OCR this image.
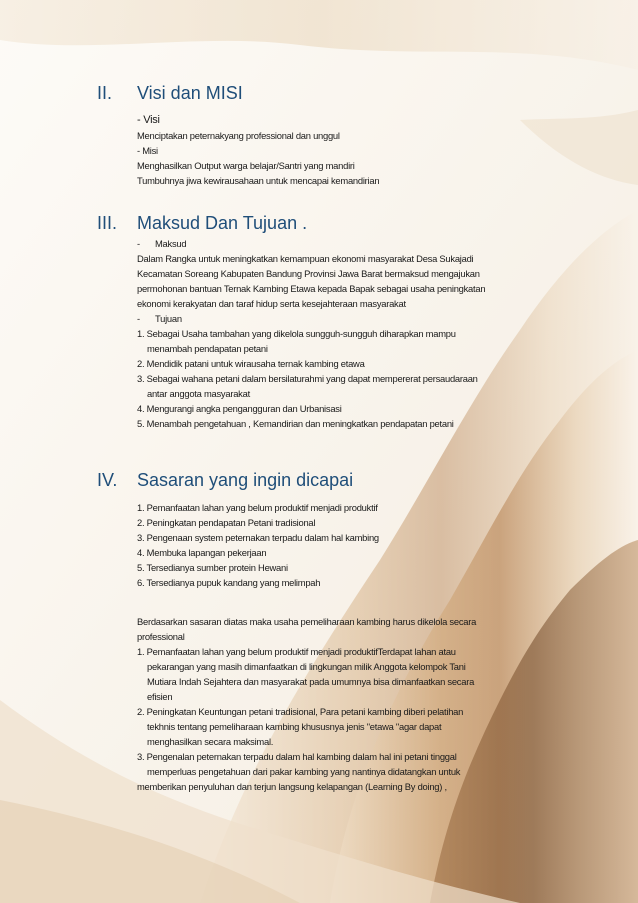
II.	Visi dan MISI
- Visi
Menciptakan peternakyang professional dan unggul
- Misi
Menghasilkan Output warga belajar/Santri yang mandiri
Tumbuhnya jiwa kewirausahaan untuk mencapai kemandirian
III.	Maksud Dan Tujuan .
- Maksud
Dalam Rangka untuk meningkatkan kemampuan ekonomi masyarakat Desa Sukajadi
Kecamatan Soreang Kabupaten Bandung Provinsi Jawa Barat bermaksud mengajukan
permohonan bantuan Ternak Kambing Etawa kepada Bapak sebagai usaha peningkatan
ekonomi kerakyatan dan taraf hidup serta kesejahteraan masyarakat
- Tujuan
1. Sebagai Usaha tambahan yang dikelola sungguh-sungguh diharapkan mampu
menambah pendapatan petani
2. Mendidik patani untuk wirausaha ternak kambing etawa
3. Sebagai wahana petani dalam bersilaturahmi yang dapat mempererat persaudaraan
antar anggota masyarakat
4. Mengurangi angka pengangguran dan Urbanisasi
5. Menambah pengetahuan , Kemandirian dan meningkatkan pendapatan petani
IV.	Sasaran yang ingin dicapai
1. Pemanfaatan lahan yang belum produktif menjadi produktif
2. Peningkatan pendapatan Petani tradisional
3. Pengenaan system peternakan terpadu dalam hal kambing
4. Membuka lapangan pekerjaan
5. Tersedianya sumber protein Hewani
6. Tersedianya pupuk kandang yang melimpah
Berdasarkan sasaran diatas maka usaha pemeliharaan kambing harus dikelola secara
professional
1. Pemanfaatan lahan yang belum produktif menjadi produktifTerdapat lahan atau
pekarangan yang masih dimanfaatkan di lingkungan milik Anggota kelompok Tani
Mutiara Indah Sejahtera dan masyarakat pada umumnya bisa dimanfaatkan secara
efisien
2. Peningkatan Keuntungan petani tradisional, Para petani kambing diberi pelatihan
tekhnis tentang pemeliharaan kambing khususnya jenis "etawa "agar dapat
menghasilkan secara maksimal.
3. Pengenalan peternakan terpadu dalam hal kambing dalam hal ini petani tinggal
memperluas pengetahuan dari pakar kambing yang nantinya didatangkan untuk
memberikan penyuluhan dan terjun langsung kelapangan (Learning By doing) ,
